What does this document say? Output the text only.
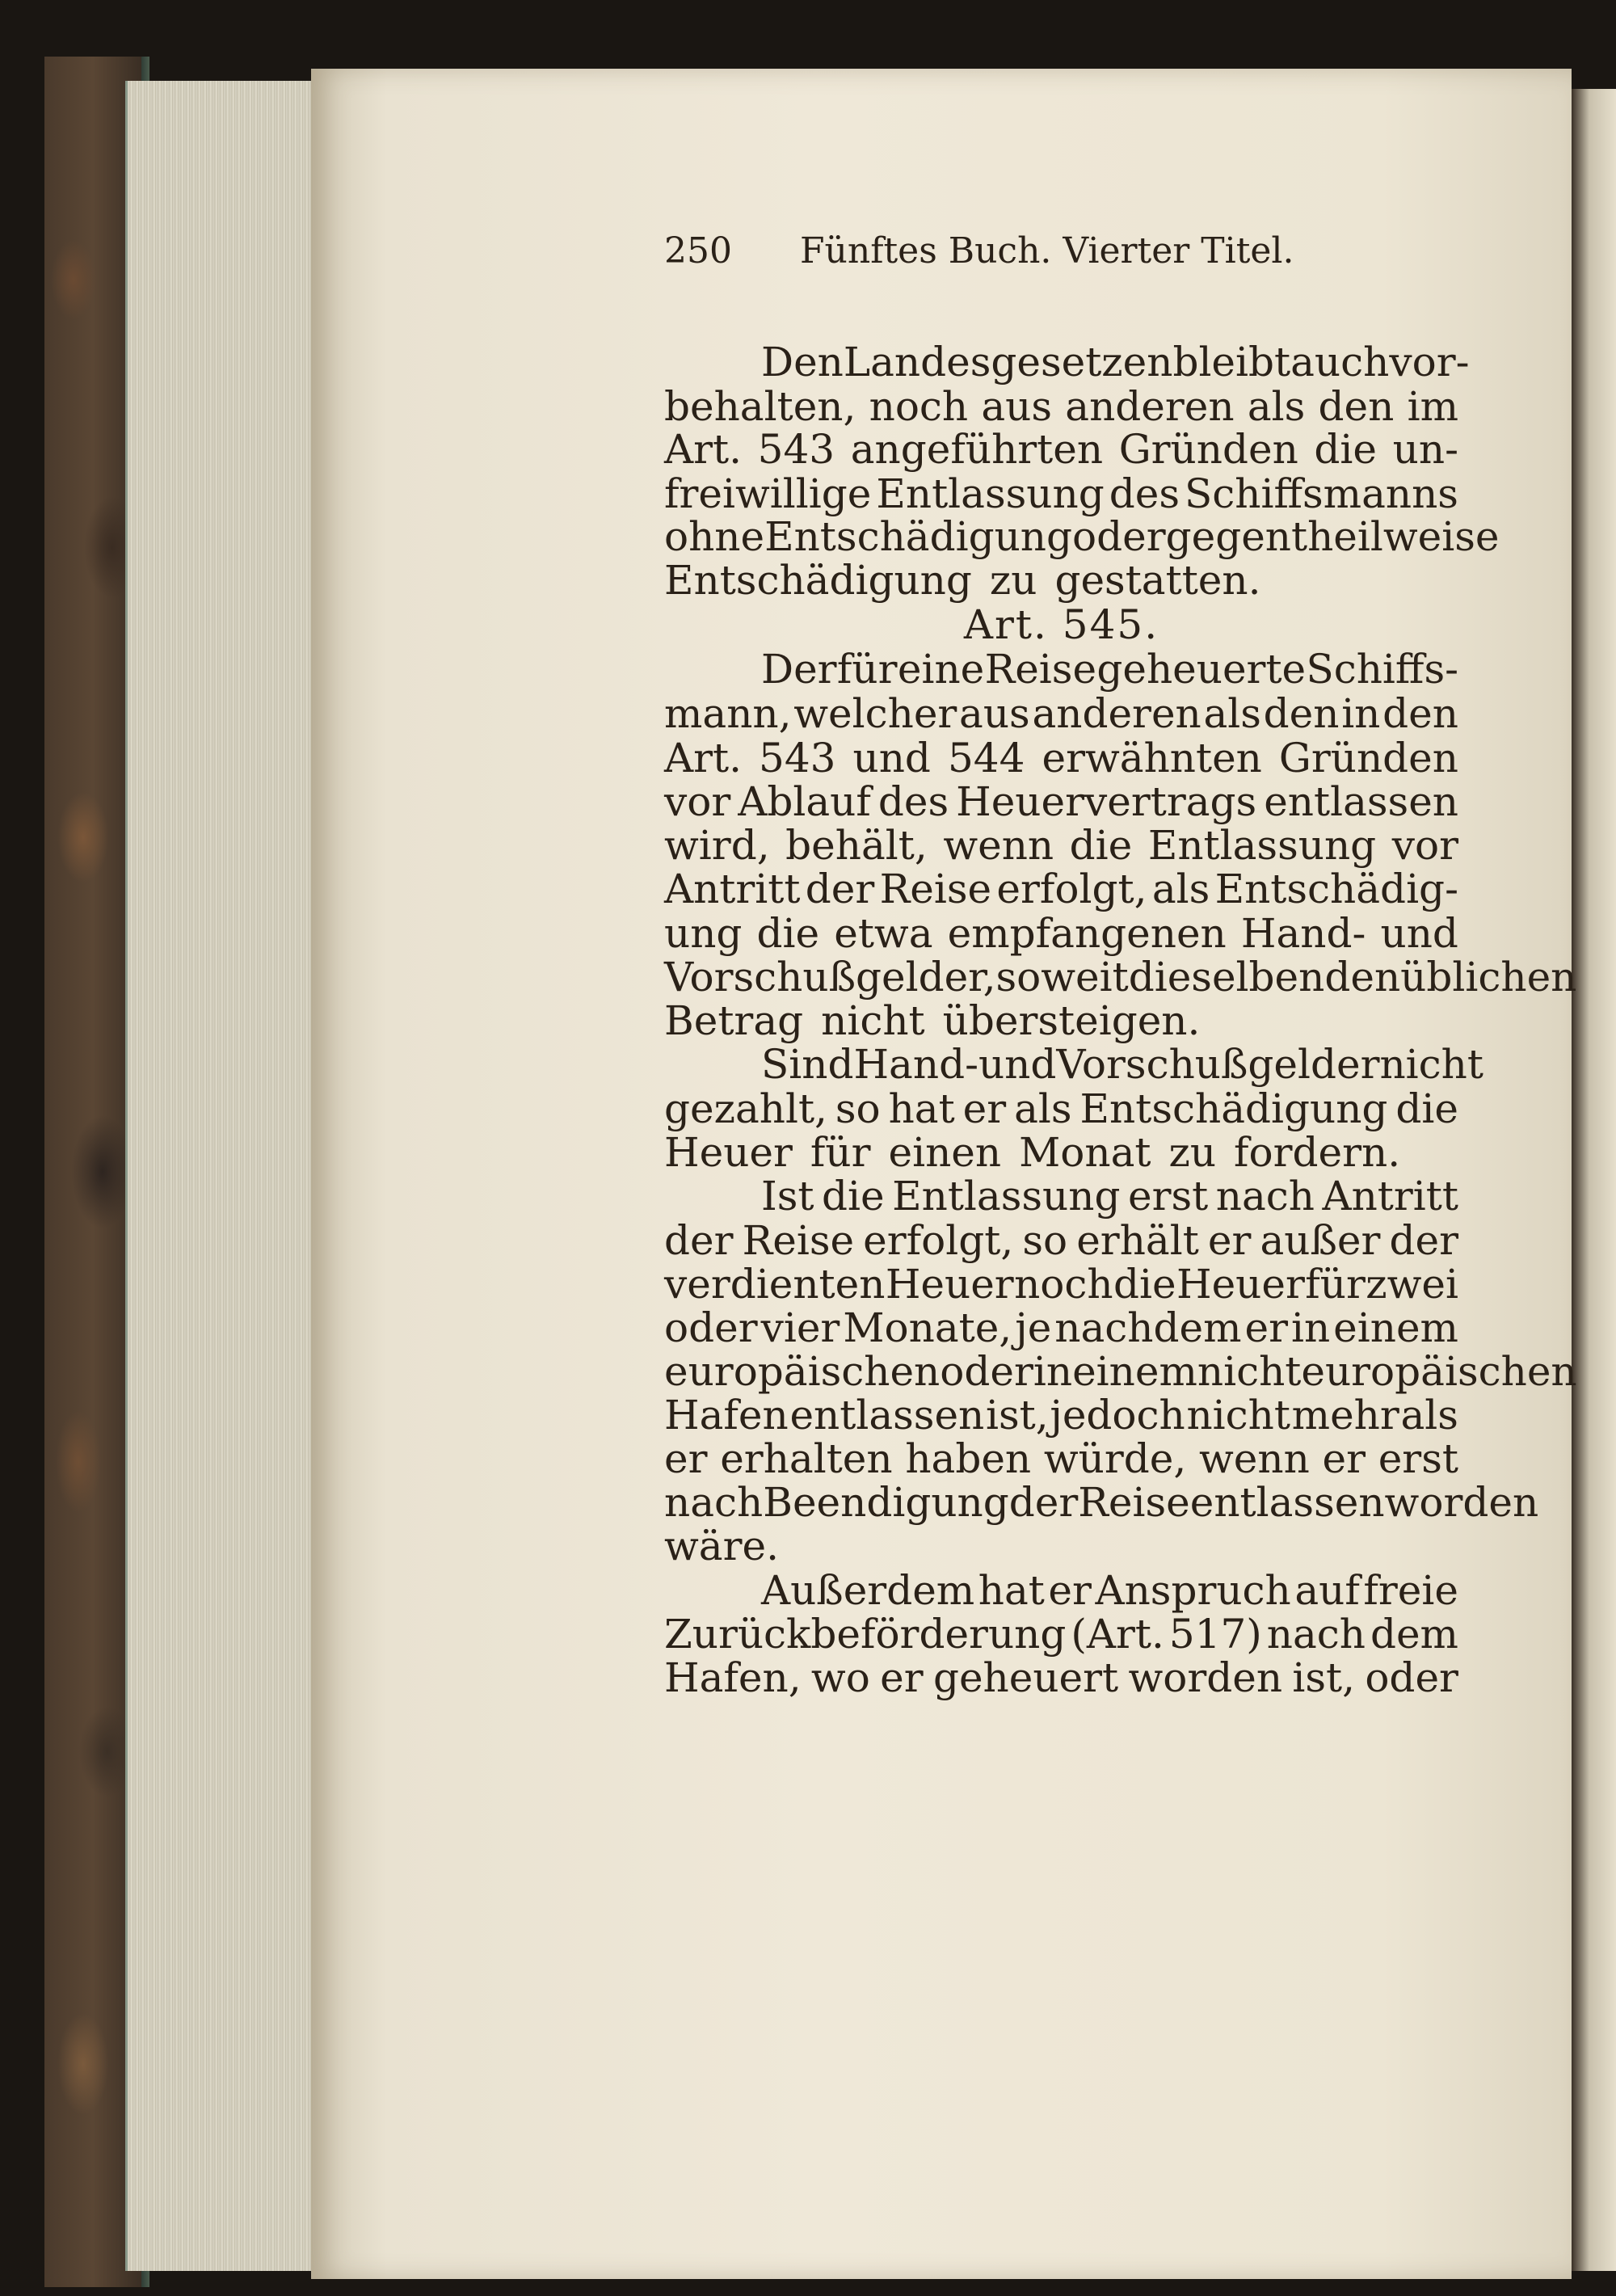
250 Fünftes Buch. Vierter Titel.
Den Landesgesetzen bleibt auch vor-
behalten, noch aus anderen als den im
Art. 543 angeführten Gründen die un-
freiwillige Entlassung des Schiffsmanns
ohne Entschädigung oder gegen theilweise
Entschädigung zu gestatten.
Art. 545.
Der für eine Reise geheuerte Schiffs-
mann, welcher aus anderen als den in den
Art. 543 und 544 erwähnten Gründen
vor Ablauf des Heuervertrags entlassen
wird, behält, wenn die Entlassung vor
Antritt der Reise erfolgt, als Entschädig-
ung die etwa empfangenen Hand- und
Vorschußgelder, soweit dieselben den üblichen
Betrag nicht übersteigen.
Sind Hand- und Vorschußgelder nicht
gezahlt, so hat er als Entschädigung die
Heuer für einen Monat zu fordern.
Ist die Entlassung erst nach Antritt
der Reise erfolgt, so erhält er außer der
verdienten Heuer noch die Heuer für zwei
oder vier Monate, je nachdem er in einem
europäischen oder in einem nichteuropäischen
Hafen entlassen ist, jedoch nicht mehr als
er erhalten haben würde, wenn er erst
nach Beendigung der Reise entlassen worden
wäre.
Außerdem hat er Anspruch auf freie
Zurückbeförderung (Art. 517) nach dem
Hafen, wo er geheuert worden ist, oder
